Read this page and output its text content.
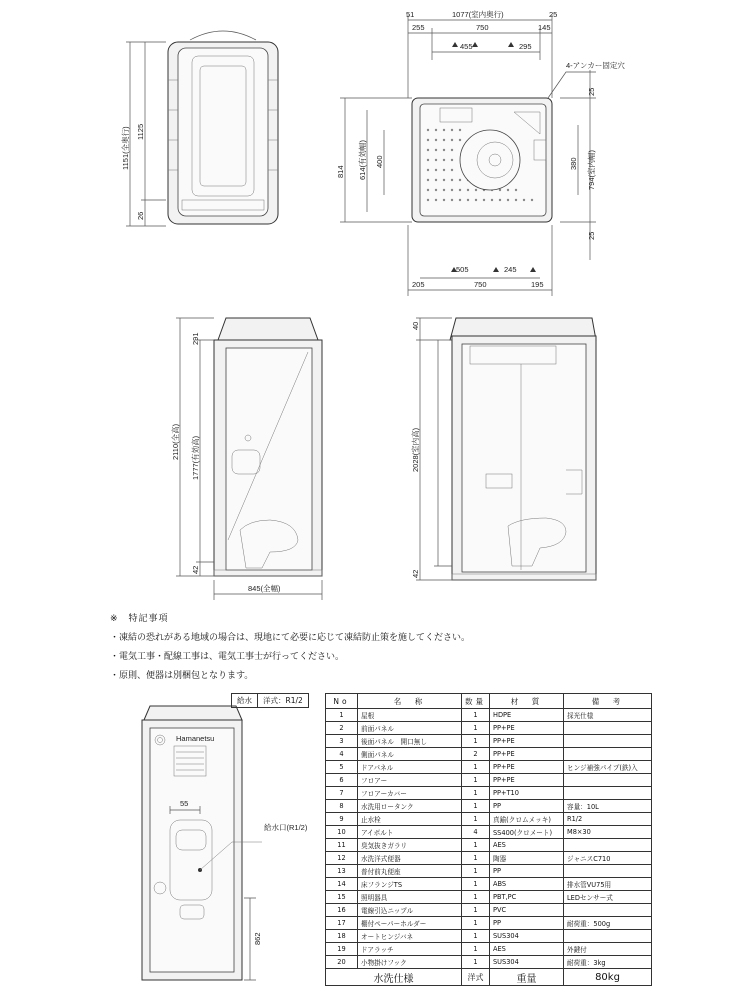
1151(全奥行) 1125
26
51	1077(室内奥行)	25
255	750	145
455	295
4-アンカー固定穴
814 614(有効幅) 400
25
380 794(室内幅)
25
505	245
205	750	195
291
2110(全高) 1777(有効高)
42
845(全幅)
40
2028(室内高)
42
Hamanetsu
給水口(R1/2)
55
862
※　特記事項
・凍結の恐れがある地域の場合は、現地にて必要に応じて凍結防止策を施してください。
・電気工事・配線工事は、電気工事士が行ってください。
・原則、便器は別梱包となります。
給水	洋式：R1/2	No	名　称	数量	材　質	備　考
1	屋根	1	HDPE	採光仕様
2	前面パネル	1	PP+PE	
3	後面パネル　開口無し	1	PP+PE	
4	側面パネル	2	PP+PE	
5	ドアパネル	1	PP+PE	ヒンジ補強パイプ(鉄)入
6	フロアー	1	PP+PE	
7	フロアーカバー	1	PP+T10	
8	水洗用ロータンク	1	PP	容量：10L
9	止水栓	1	真鍮(クロムメッキ)	R1/2
10	アイボルト	4	SS400(クロメート)	M8×30
11	臭気抜きガラリ	1	AES	
12	水洗洋式便器	1	陶器	ジャニスC710
13	普付前丸便座	1	PP	
14	床フランジTS	1	ABS	排水管VU75用
15	照明器具	1	PBT,PC	LEDセンサー式
16	電線引込ニップル	1	PVC	
17	棚付ペーパーホルダー	1	PP	耐荷重：500g
18	オートヒンジバネ	1	SUS304	
19	ドアラッチ	1	AES	外鍵付
20	小物掛けフック	1	SUS304	耐荷重：3kg
水洗仕様		洋式	重量	80kg
